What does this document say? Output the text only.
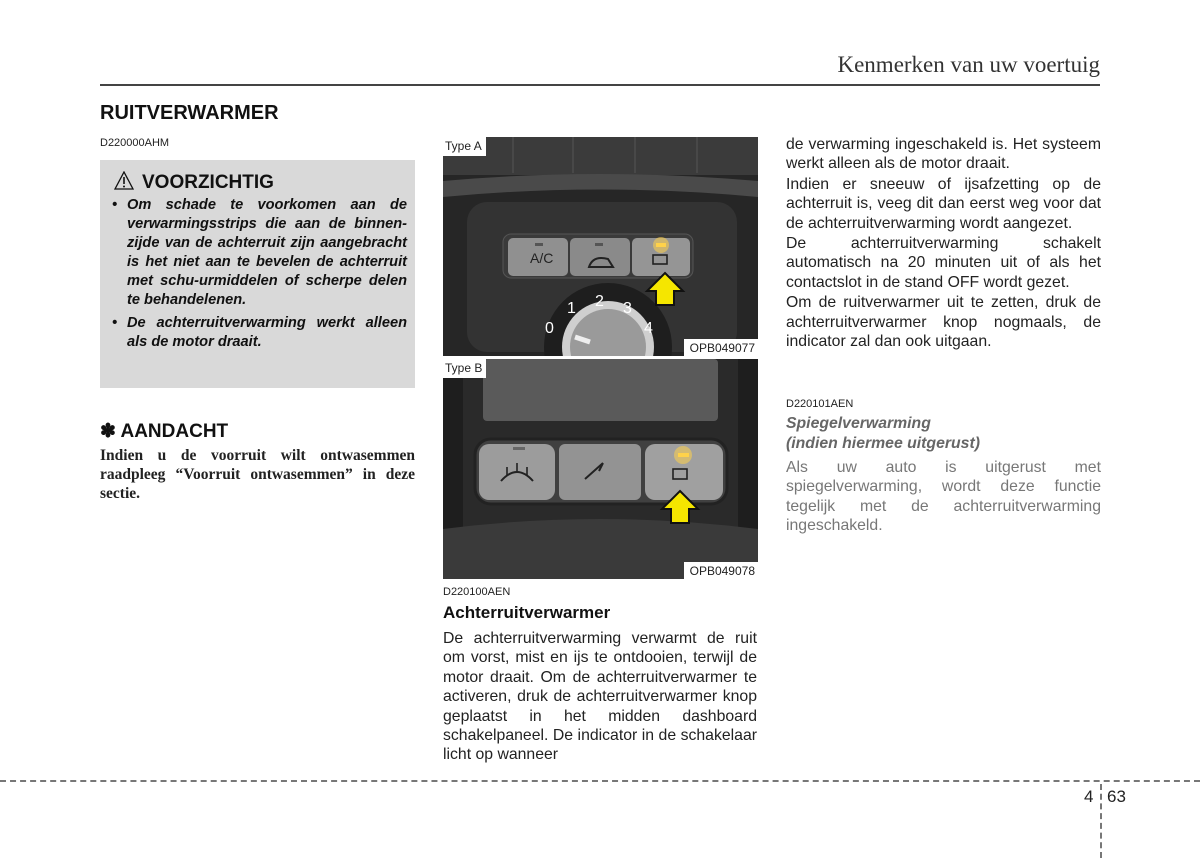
Kenmerken van uw voertuig
RUITVERWARMER
D220000AHM
VOORZICHTIG
• Om schade te voorkomen aan de verwarmingsstrips die aan de binnen-zijde van de achterruit zijn aangebracht is het niet aan te bevelen de achterruit met schu-urmiddelen of scherpe delen te behandelenen.
• De achterruitverwarming werkt alleen als de motor draait.
✽ AANDACHT
Indien u de voorruit wilt ontwasemmen raadpleeg “Voorruit ontwasemmen” in deze sectie.
A/C
0
1 2 3
4
Type A
OPB049077
Type B
OPB049078
D220100AEN
Achterruitverwarmer
De achterruitverwarming verwarmt de ruit om vorst, mist en ijs te ontdooien, terwijl de motor draait. Om de achterruitverwarmer te activeren, druk de achterruitverwarmer knop geplaatst in het midden dashboard schakelpaneel. De indicator in de schakelaar licht op wanneer

de verwarming ingeschakeld is. Het systeem werkt alleen als de motor draait.

Indien er sneeuw of ijsafzetting op de achterruit is, veeg dit dan eerst weg voor dat de achterruitverwarming wordt aangezet.

De achterruitverwarming schakelt automatisch na 20 minuten uit of als het contactslot in de stand OFF wordt gezet.

Om de ruitverwarmer uit te zetten, druk de achterruitverwarmer knop nogmaals, de indicator zal dan ook uitgaan.

D220101AEN
Spiegelverwarming
(indien hiermee uitgerust)
Als uw auto is uitgerust met spiegelverwarming, wordt deze functie tegelijk met de achterruitverwarming ingeschakeld.
4 63
